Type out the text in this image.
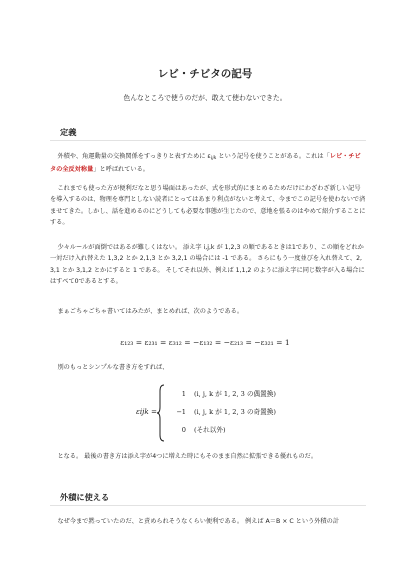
レビ・チビタの記号
色んなところで使うのだが、敢えて使わないできた。
定義
外積や、角運動量の交換関係をすっきりと表すために εijk という記号を使うことがある。これは「レビ・チビタの全反対称量」と呼ばれている。
これまでも使った方が便利だなと思う場面はあったが、式を形式的にまとめるためだけにわざわざ新しい記号を導入するのは、物理を専門としない読者にとってはあまり利点がないと考えて、今までこの記号を使わないで済ませてきた。しかし、話を進めるのにどうしても必要な事態が生じたので、意地を張るのはやめて紹介することにする。
少々ルールが面倒ではあるが難しくはない。 添え字 i,j,k が 1,2,3 の順であるときは1であり、この順をどれか一対だけ入れ替えた 1,3,2 とか 2,1,3 とか 3,2,1 の場合には -1 である。 さらにもう一度並びを入れ替えて、2,3,1 とか 3,1,2 とかにすると 1 である。 そしてそれ以外、例えば 1,1,2 のように添え字に同じ数字が入る場合にはすべて0であるとする。
まぁごちゃごちゃ書いてはみたが、まとめれば、次のようである。
ε₁₂₃ = ε₂₃₁ = ε₃₁₂ = −ε₁₃₂ = −ε₂₁₃ = −ε₃₂₁ = 1
別のもっとシンプルな書き方をすれば、
εijk =
1 (i, j, k が 1, 2, 3 の偶置換)
−1 (i, j, k が 1, 2, 3 の奇置換)
0 (それ以外)
となる。 最後の書き方は添え字が4つに増えた時にもそのまま自然に拡張できる優れものだ。
外積に使える
なぜ今まで黙っていたのだ、と責められそうなくらい便利である。 例えば A＝B × C という外積の計
